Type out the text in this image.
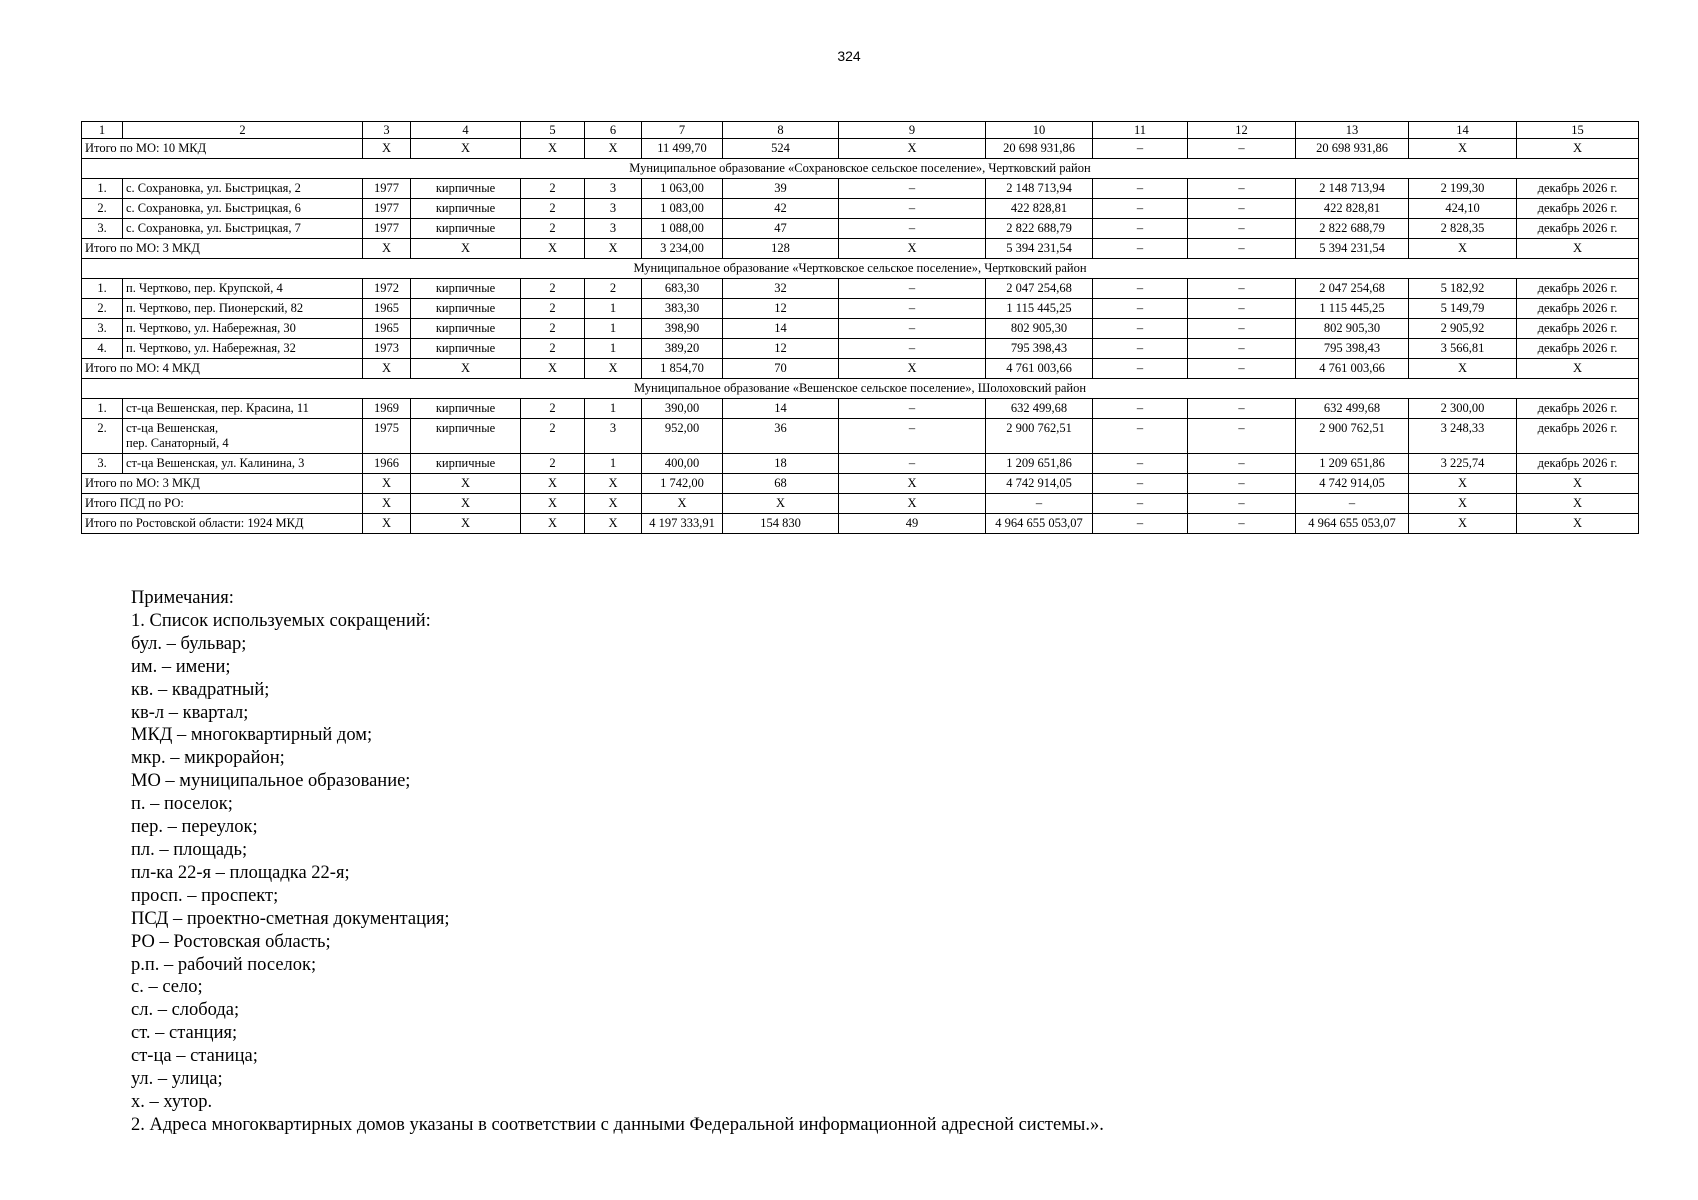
324
1	2	3	4	5	6	7	8	9	10	11	12	13	14	15
Итого по МО: 10 МКД		X	X	X	X	11 499,70	524	X	20 698 931,86	–	–	20 698 931,86	X	X
Муниципальное образование «Сохрановское сельское поселение», Чертковский район														
1.	с. Сохрановка, ул. Быстрицкая, 2	1977	кирпичные	2	3	1 063,00	39	–	2 148 713,94	–	–	2 148 713,94	2 199,30	декабрь 2026 г.
2.	с. Сохрановка, ул. Быстрицкая, 6	1977	кирпичные	2	3	1 083,00	42	–	422 828,81	–	–	422 828,81	424,10	декабрь 2026 г.
3.	с. Сохрановка, ул. Быстрицкая, 7	1977	кирпичные	2	3	1 088,00	47	–	2 822 688,79	–	–	2 822 688,79	2 828,35	декабрь 2026 г.
Итого по МО: 3 МКД		X	X	X	X	3 234,00	128	X	5 394 231,54	–	–	5 394 231,54	X	X
Муниципальное образование «Чертковское сельское поселение», Чертковский район														
1.	п. Чертково, пер. Крупской, 4	1972	кирпичные	2	2	683,30	32	–	2 047 254,68	–	–	2 047 254,68	5 182,92	декабрь 2026 г.
2.	п. Чертково, пер. Пионерский, 82	1965	кирпичные	2	1	383,30	12	–	1 115 445,25	–	–	1 115 445,25	5 149,79	декабрь 2026 г.
3.	п. Чертково, ул. Набережная, 30	1965	кирпичные	2	1	398,90	14	–	802 905,30	–	–	802 905,30	2 905,92	декабрь 2026 г.
4.	п. Чертково, ул. Набережная, 32	1973	кирпичные	2	1	389,20	12	–	795 398,43	–	–	795 398,43	3 566,81	декабрь 2026 г.
Итого по МО: 4 МКД		X	X	X	X	1 854,70	70	X	4 761 003,66	–	–	4 761 003,66	X	X
Муниципальное образование «Вешенское сельское поселение», Шолоховский район														
1.	ст-ца Вешенская, пер. Красина, 11	1969	кирпичные	2	1	390,00	14	–	632 499,68	–	–	632 499,68	2 300,00	декабрь 2026 г.
2.	ст-ца Вешенская,
пер. Санаторный, 4	1975	кирпичные	2	3	952,00	36	–	2 900 762,51	–	–	2 900 762,51	3 248,33	декабрь 2026 г.
3.	ст-ца Вешенская, ул. Калинина, 3	1966	кирпичные	2	1	400,00	18	–	1 209 651,86	–	–	1 209 651,86	3 225,74	декабрь 2026 г.
Итого по МО: 3 МКД		X	X	X	X	1 742,00	68	X	4 742 914,05	–	–	4 742 914,05	X	X
Итого ПСД по РО:		X	X	X	X	X	X	X	–	–	–	–	X	X
Итого по Ростовской области: 1924 МКД		X	X	X	X	4 197 333,91	154 830	49	4 964 655 053,07	–	–	4 964 655 053,07	X	X
Примечания:
1. Список используемых сокращений:
бул. – бульвар;
им. – имени;
кв. – квадратный;
кв-л – квартал;
МКД – многоквартирный дом;
мкр. – микрорайон;
МО – муниципальное образование;
п. – поселок;
пер. – переулок;
пл. – площадь;
пл-ка 22-я – площадка 22-я;
просп. – проспект;
ПСД – проектно-сметная документация;
РО – Ростовская область;
р.п. – рабочий поселок;
с. – село;
сл. – слобода;
ст. – станция;
ст-ца – станица;
ул. – улица;
х. – хутор.
2. Адреса многоквартирных домов указаны в соответствии с данными Федеральной информационной адресной системы.».
